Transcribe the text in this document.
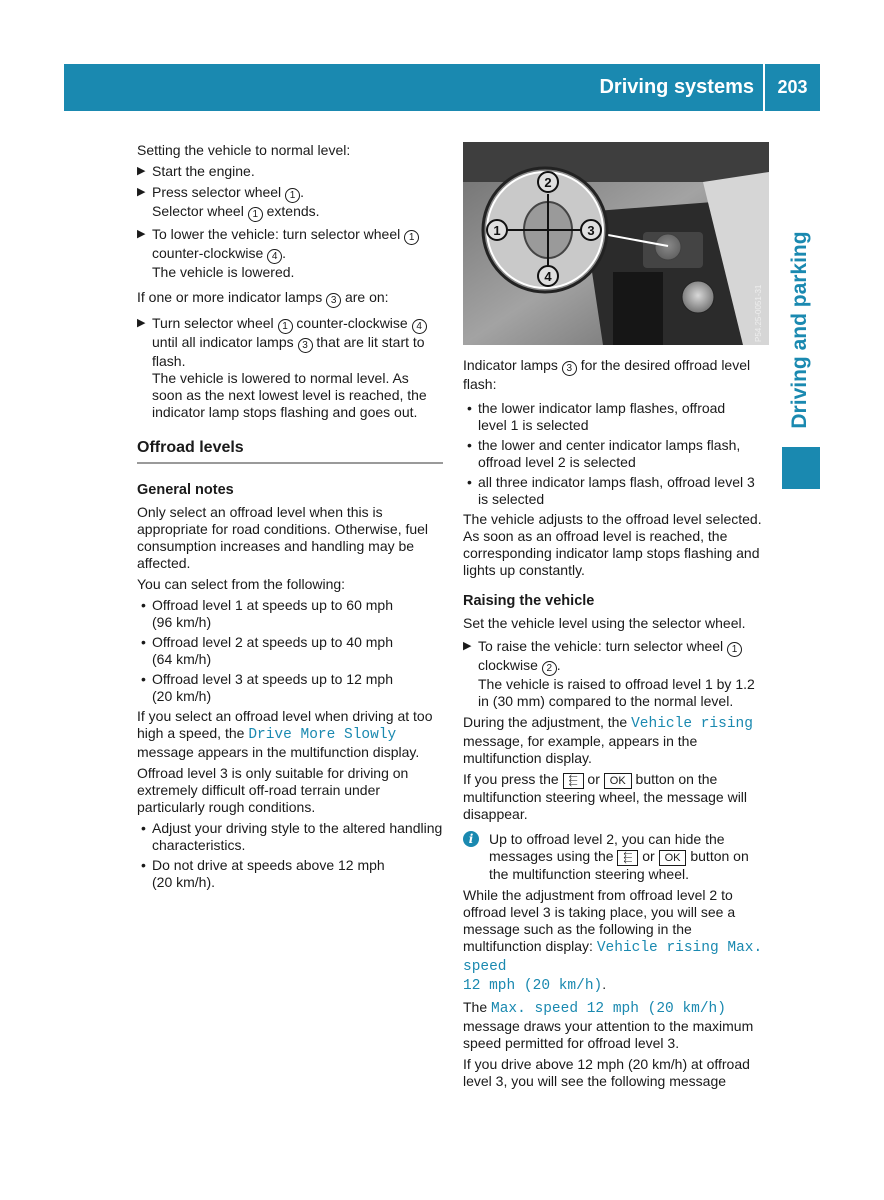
Driving systems	203
Driving and parking

Setting the vehicle to normal level:

▶ Start the engine.
▶ Press selector wheel 1 .
Selector wheel 1 extends.
▶ To lower the vehicle: turn selector wheel 1
counter-clockwise 4 .
The vehicle is lowered.

If one or more indicator lamps 3 are on:

▶ Turn selector wheel 1 counter-clockwise 4
until all indicator lamps 3 that are lit start to flash.
The vehicle is lowered to normal level. As soon as the next lowest level is reached, the indicator lamp stops flashing and goes out.
Offroad levels
General notes

Only select an offroad level when this is appropriate for road conditions. Otherwise, fuel consumption increases and handling may be affected.

You can select from the following:

• Offroad level 1 at speeds up to 60 mph
(96 km/h)
• Offroad level 2 at speeds up to 40 mph
(64 km/h)
• Offroad level 3 at speeds up to 12 mph
(20 km/h)

If you select an offroad level when driving at too high a speed, the Drive More Slowly message appears in the multifunction display.

Offroad level 3 is only suitable for driving on extremely difficult off-road terrain under particularly rough conditions.

• Adjust your driving style to the altered handling characteristics.
• Do not drive at speeds above 12 mph
(20 km/h).
2
1	3
4
P54.25-0051-31

Indicator lamps 3 for the desired offroad level flash:

• the lower indicator lamp flashes, offroad
level 1 is selected
• the lower and center indicator lamps flash,
offroad level 2 is selected
• all three indicator lamps flash, offroad level 3
is selected

The vehicle adjusts to the offroad level selected. As soon as an offroad level is reached, the corresponding indicator lamp stops flashing and lights up constantly.

Raising the vehicle

Set the vehicle level using the selector wheel.

▶ To raise the vehicle: turn selector wheel 1
clockwise 2 .
The vehicle is raised to offroad level 1 by 1.2 in (30 mm) compared to the normal level.

During the adjustment, the Vehicle rising message, for example, appears in the multifunction display.

If you press the ⬱ or OK button on the multifunction steering wheel, the message will disappear.

i	Up to offroad level 2, you can hide the messages using the ⬱ or OK button on the multifunction steering wheel.

While the adjustment from offroad level 2 to offroad level 3 is taking place, you will see a message such as the following in the multifunction display: Vehicle rising Max. speed
12 mph (20 km/h).

The Max. speed 12 mph (20 km/h) message draws your attention to the maximum speed permitted for offroad level 3.

If you drive above 12 mph (20 km/h) at offroad level 3, you will see the following message
